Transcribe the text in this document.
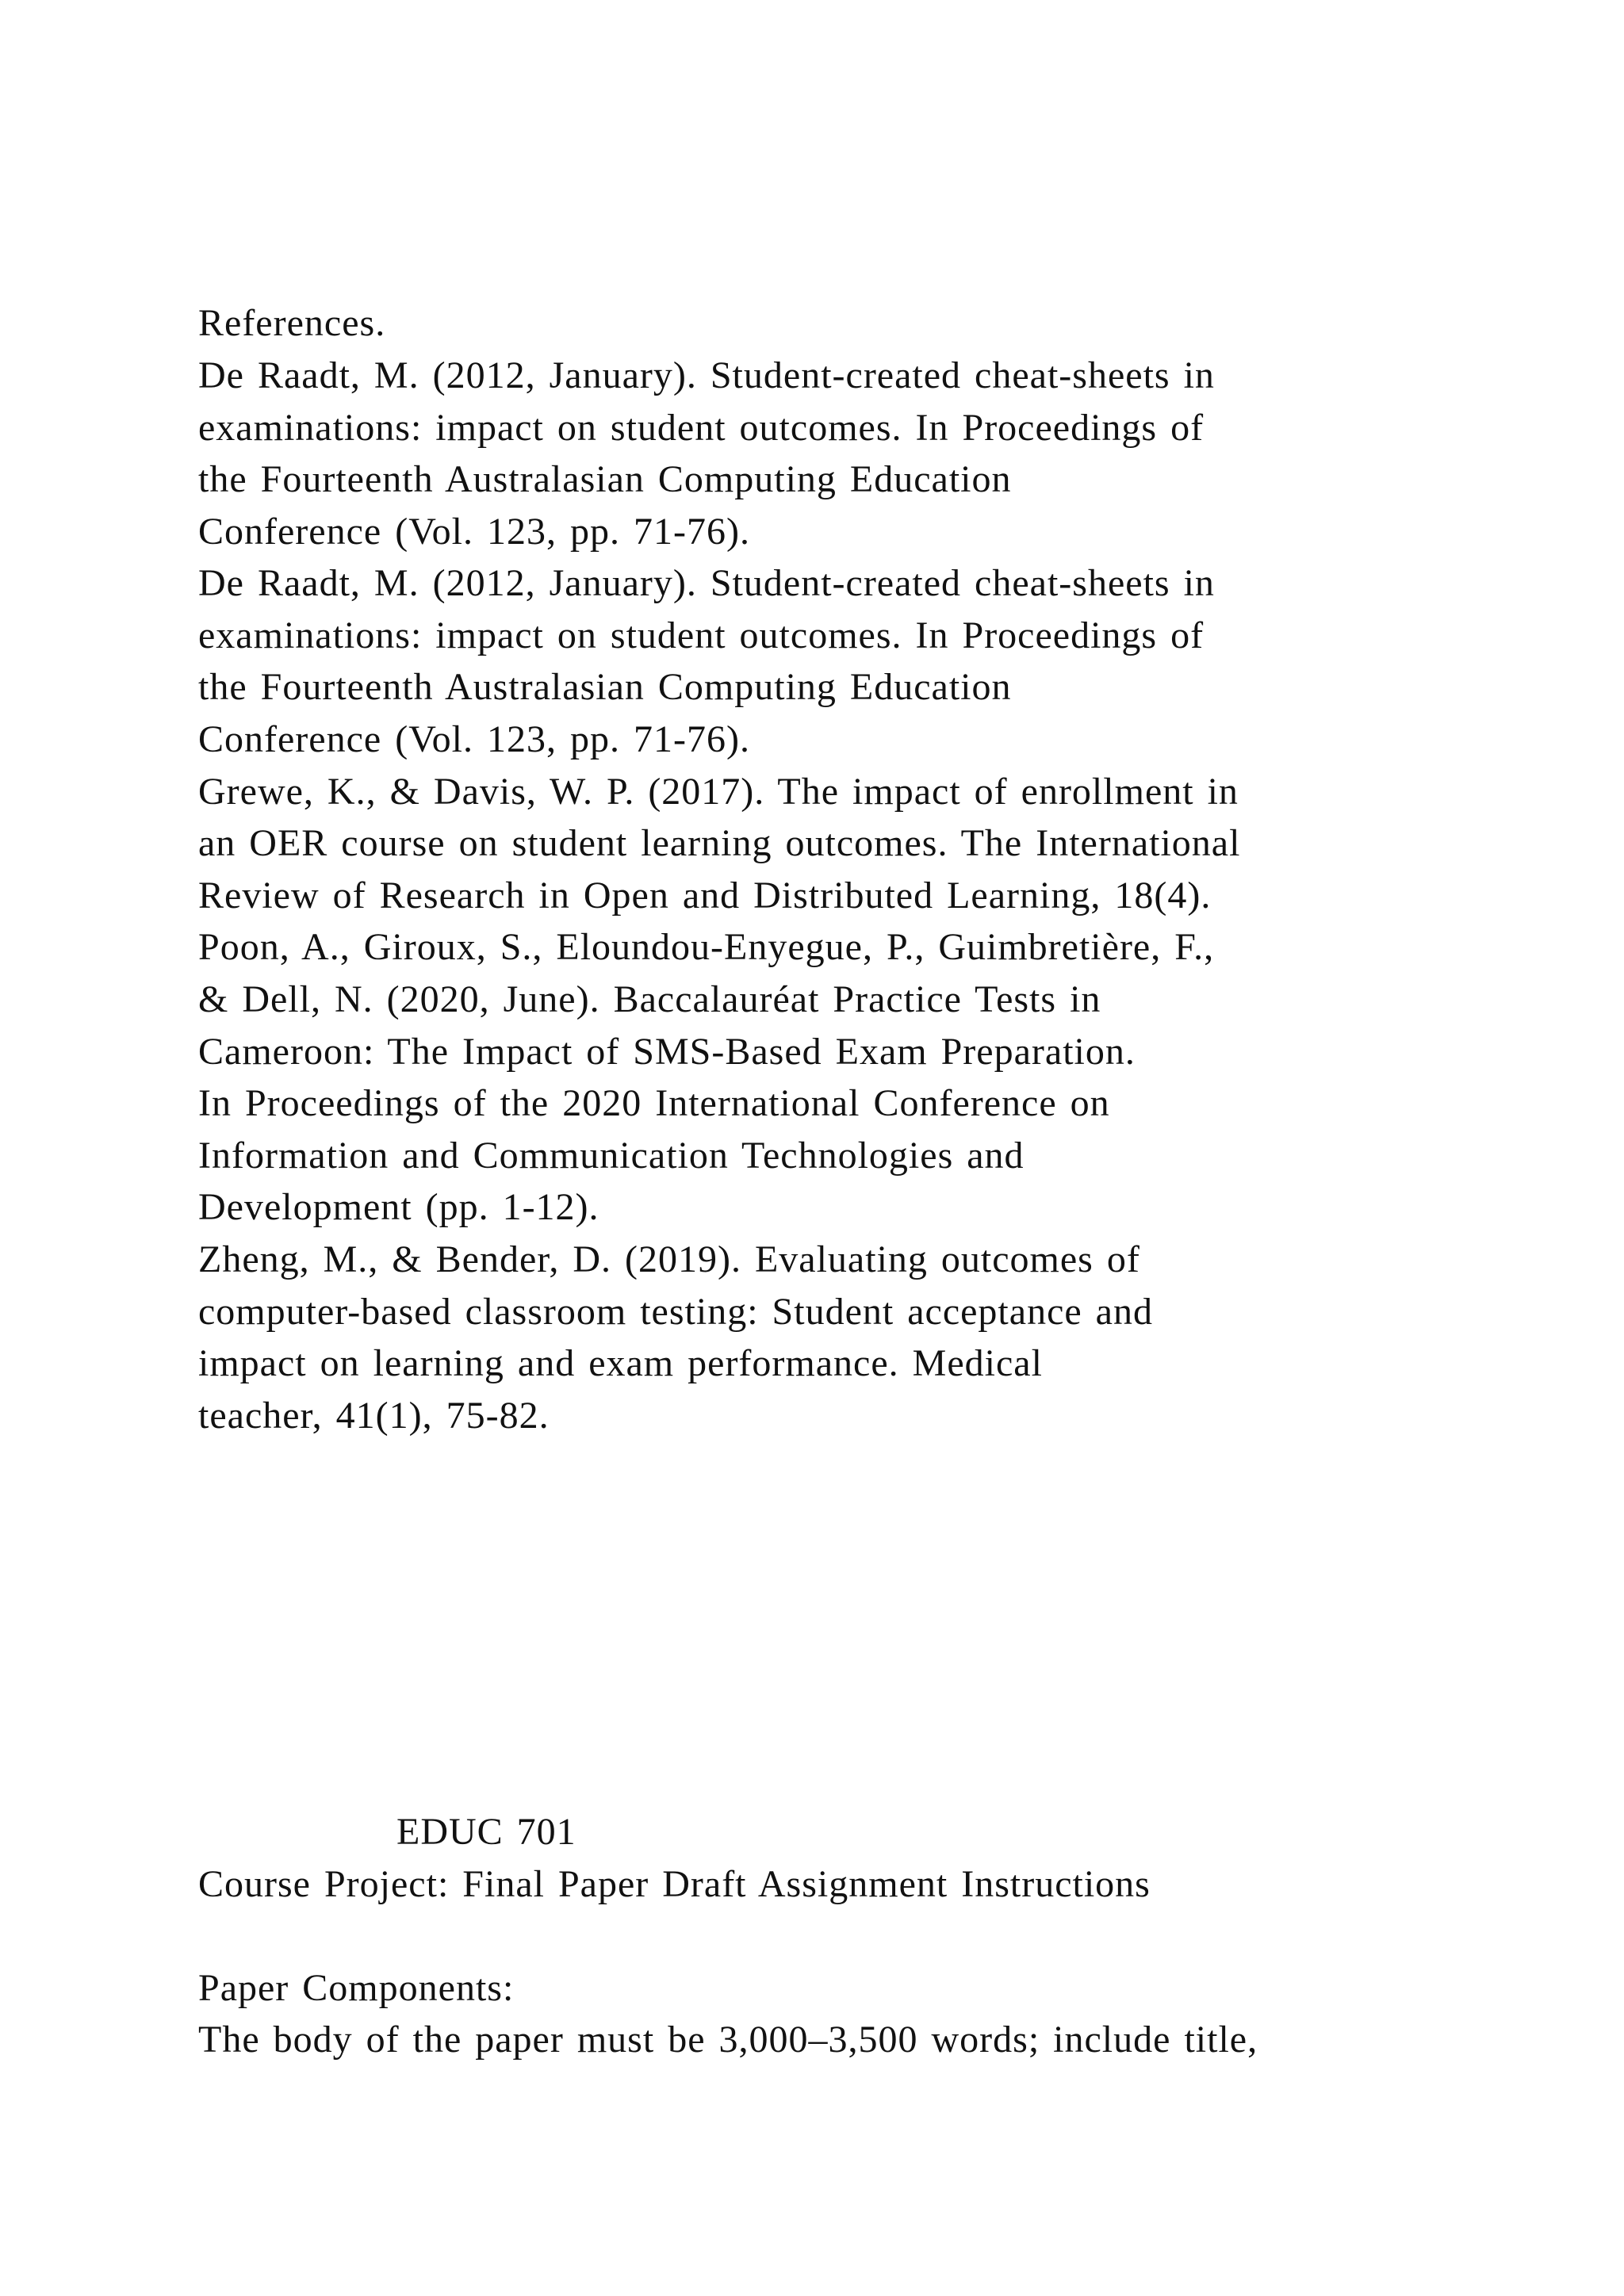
References.
De Raadt, M. (2012, January). Student-created cheat-sheets in
examinations: impact on student outcomes. In Proceedings of
the Fourteenth Australasian Computing Education
Conference (Vol. 123, pp. 71-76).
De Raadt, M. (2012, January). Student-created cheat-sheets in
examinations: impact on student outcomes. In Proceedings of
the Fourteenth Australasian Computing Education
Conference (Vol. 123, pp. 71-76).
Grewe, K., & Davis, W. P. (2017). The impact of enrollment in
an OER course on student learning outcomes. The International
Review of Research in Open and Distributed Learning, 18(4).
Poon, A., Giroux, S., Eloundou-Enyegue, P., Guimbretière, F.,
& Dell, N. (2020, June). Baccalauréat Practice Tests in
Cameroon: The Impact of SMS-Based Exam Preparation.
In Proceedings of the 2020 International Conference on
Information and Communication Technologies and
Development (pp. 1-12).
Zheng, M., & Bender, D. (2019). Evaluating outcomes of
computer-based classroom testing: Student acceptance and
impact on learning and exam performance. Medical
teacher, 41(1), 75-82.
EDUC 701
Course Project: Final Paper Draft Assignment Instructions
Paper Components:
The body of the paper must be 3,000–3,500 words; include title,
